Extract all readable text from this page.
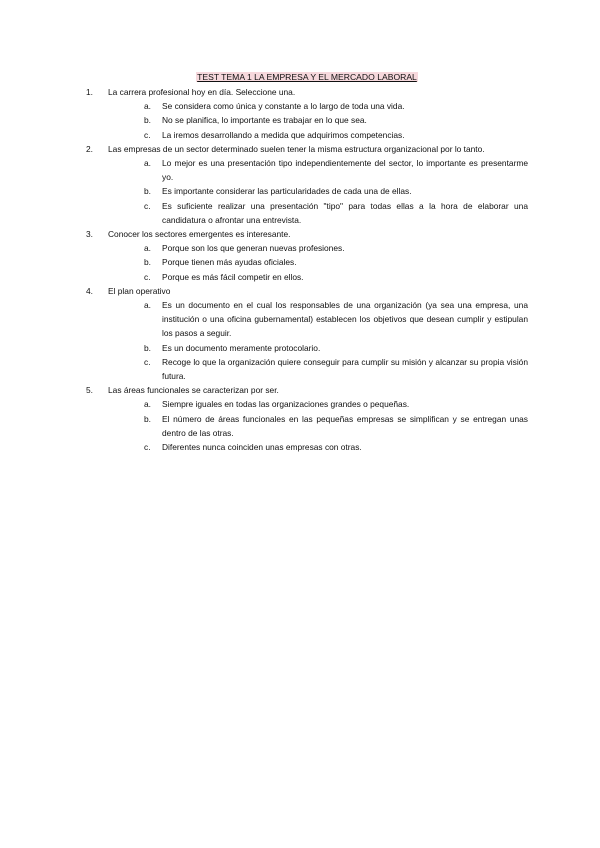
TEST TEMA 1 LA EMPRESA Y EL MERCADO LABORAL
1.	La carrera profesional hoy en día. Seleccione una.
a.	Se considera como única y constante a lo largo de toda una vida.
b.	No se planifica, lo importante es trabajar en lo que sea.
c.	La iremos desarrollando a medida que adquirimos competencias.
2.	Las empresas de un sector determinado suelen tener la misma estructura organizacional por lo tanto.
a.	Lo mejor es una presentación tipo independientemente del sector, lo importante es presentarme yo.
b.	Es importante considerar las particularidades de cada una de ellas.
c.	Es suficiente realizar una presentación "tipo" para todas ellas a la hora de elaborar una candidatura o afrontar una entrevista.
3.	Conocer los sectores emergentes es interesante.
a.	Porque son los que generan nuevas profesiones.
b.	Porque tienen más ayudas oficiales.
c.	Porque es más fácil competir en ellos.
4.	El plan operativo
a.	Es un documento en el cual los responsables de una organización (ya sea una empresa, una institución o una oficina gubernamental) establecen los objetivos que desean cumplir y estipulan los pasos a seguir.
b.	Es un documento meramente protocolario.
c.	Recoge lo que la organización quiere conseguir para cumplir su misión y alcanzar su propia visión futura.
5.	Las áreas funcionales se caracterizan por ser.
a.	Siempre iguales en todas las organizaciones grandes o pequeñas.
b.	El número de áreas funcionales en las pequeñas empresas se simplifican y se entregan unas dentro de las otras.
c.	Diferentes nunca coinciden unas empresas con otras.
